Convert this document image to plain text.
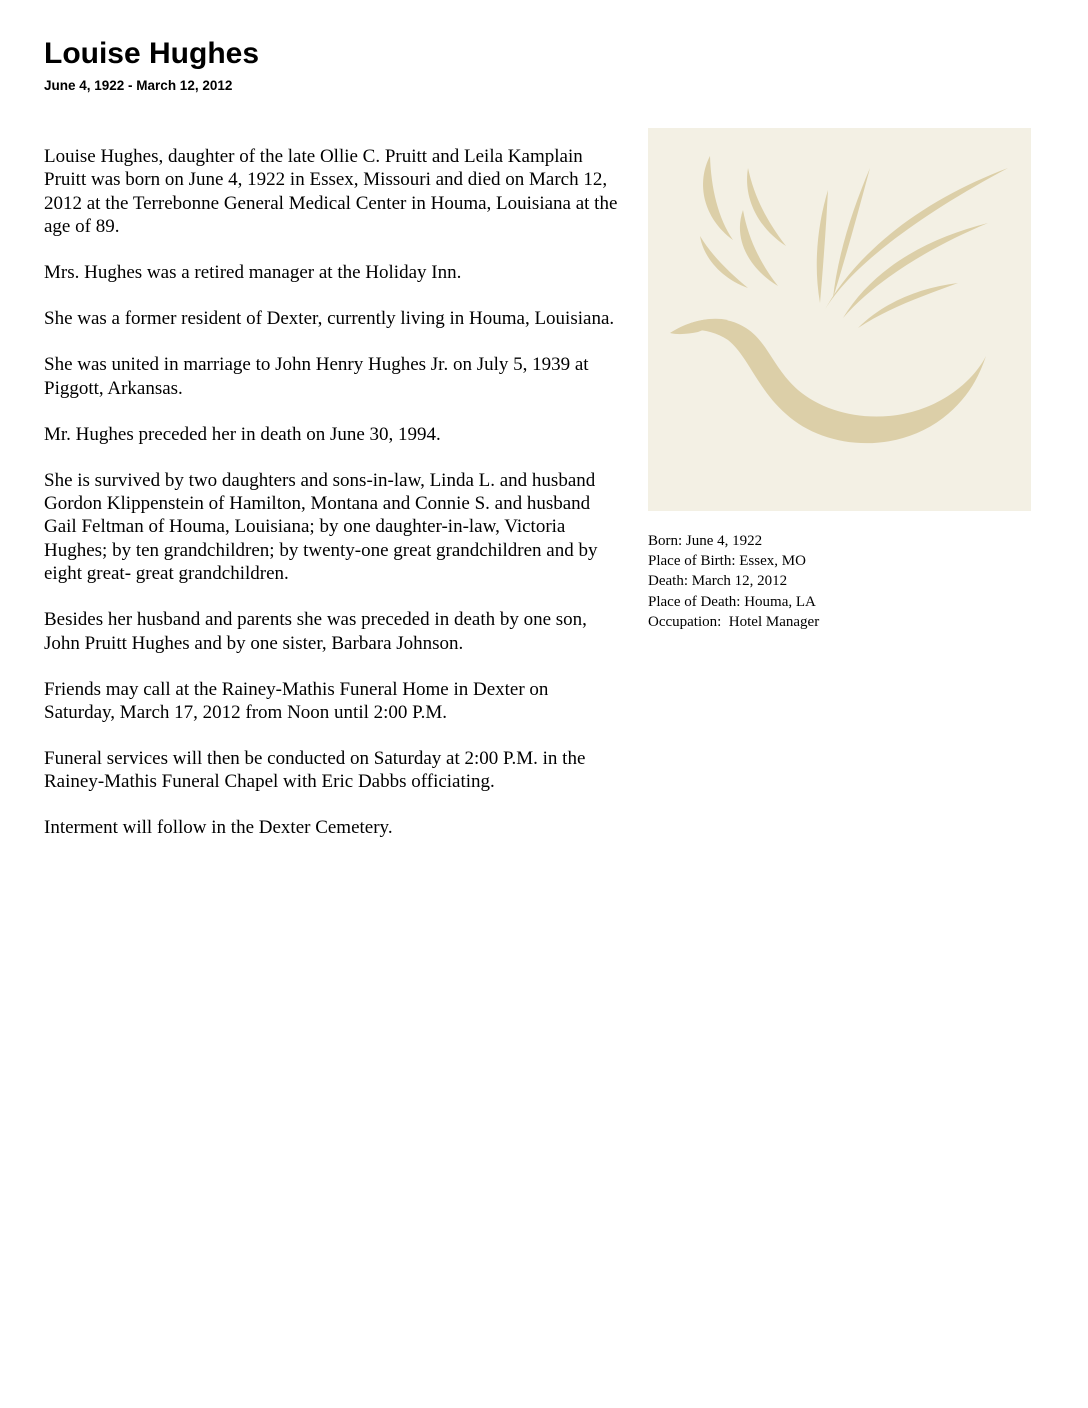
Louise Hughes
June 4, 1922 - March 12, 2012

Louise Hughes, daughter of the late Ollie C. Pruitt and Leila Kamplain Pruitt was born on June 4, 1922 in Essex, Missouri and died on March 12, 2012 at the Terrebonne General Medical Center in Houma, Louisiana at the age of 89.

Mrs. Hughes was a retired manager at the Holiday Inn.

She was a former resident of Dexter, currently living in Houma, Louisiana.

She was united in marriage to John Henry Hughes Jr. on July 5, 1939 at Piggott, Arkansas.

Mr. Hughes preceded her in death on June 30, 1994.

She is survived by two daughters and sons-in-law, Linda L. and husband Gordon Klippenstein of Hamilton, Montana and Connie S. and husband Gail Feltman of Houma, Louisiana; by one daughter-in-law, Victoria Hughes; by ten grandchildren; by twenty-one great grandchildren and by eight great- great grandchildren.

Besides her husband and parents she was preceded in death by one son, John Pruitt Hughes and by one sister, Barbara Johnson.

Friends may call at the Rainey-Mathis Funeral Home in Dexter on Saturday, March 17, 2012 from Noon until 2:00 P.M.

Funeral services will then be conducted on Saturday at 2:00 P.M. in the Rainey-Mathis Funeral Chapel with Eric Dabbs officiating.

Interment will follow in the Dexter Cemetery.

Born: June 4, 1922
Place of Birth: Essex, MO
Death: March 12, 2012
Place of Death: Houma, LA
Occupation:  Hotel Manager
